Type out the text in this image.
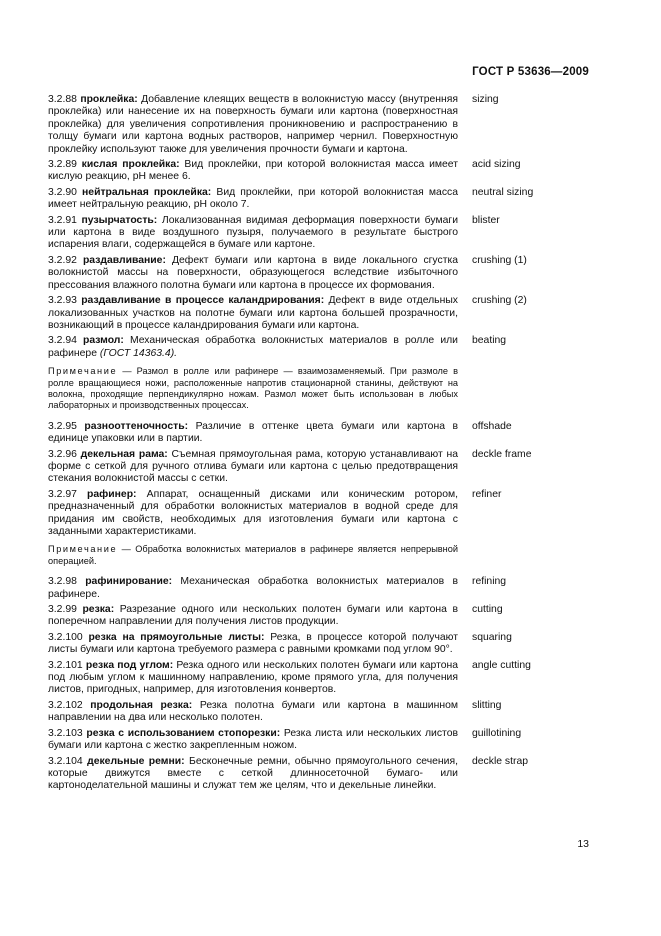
ГОСТ Р 53636—2009
3.2.88 проклейка: Добавление клеящих веществ в волокнистую массу (внутренняя проклейка) или нанесение их на поверхность бумаги или картона (поверхностная проклейка) для увеличения сопротивления проникновению и распространению в толщу бумаги или картона водных растворов, например чернил. Поверхностную проклейку используют также для увеличения прочности бумаги и картона.
sizing
3.2.89 кислая проклейка: Вид проклейки, при которой волокнистая масса имеет кислую реакцию, pH менее 6.
acid sizing
3.2.90 нейтральная проклейка: Вид проклейки, при которой волокнистая масса имеет нейтральную реакцию, pH около 7.
neutral sizing
3.2.91 пузырчатость: Локализованная видимая деформация поверхности бумаги или картона в виде воздушного пузыря, получаемого в результате быстрого испарения влаги, содержащейся в бумаге или картоне.
blister
3.2.92 раздавливание: Дефект бумаги или картона в виде локального сгустка волокнистой массы на поверхности, образующегося вследствие избыточного прессования влажного полотна бумаги или картона в процессе их формования.
crushing (1)
3.2.93 раздавливание в процессе каландрирования: Дефект в виде отдельных локализованных участков на полотне бумаги или картона большей прозрачности, возникающий в процессе каландрирования бумаги или картона.
crushing (2)
3.2.94 размол: Механическая обработка волокнистых материалов в ролле или рафинере (ГОСТ 14363.4).
beating
Примечание — Размол в ролле или рафинере — взаимозаменяемый. При размоле в ролле вращающиеся ножи, расположенные напротив стационарной станины, действуют на волокна, проходящие перпендикулярно ножам. Размол может быть использован в любых лабораторных и производственных процессах.
3.2.95 разнооттеночность: Различие в оттенке цвета бумаги или картона в единице упаковки или в партии.
offshade
3.2.96 декельная рама: Съемная прямоугольная рама, которую устанавливают на форме с сеткой для ручного отлива бумаги или картона с целью предотвращения стекания волокнистой массы с сетки.
deckle frame
3.2.97 рафинер: Аппарат, оснащенный дисками или коническим ротором, предназначенный для обработки волокнистых материалов в водной среде для придания им свойств, необходимых для изготовления бумаги или картона с заданными характеристиками.
refiner
Примечание — Обработка волокнистых материалов в рафинере является непрерывной операцией.
3.2.98 рафинирование: Механическая обработка волокнистых материалов в рафинере.
refining
3.2.99 резка: Разрезание одного или нескольких полотен бумаги или картона в поперечном направлении для получения листов продукции.
cutting
3.2.100 резка на прямоугольные листы: Резка, в процессе которой получают листы бумаги или картона требуемого размера с равными кромками под углом 90°.
squaring
3.2.101 резка под углом: Резка одного или нескольких полотен бумаги или картона под любым углом к машинному направлению, кроме прямого угла, для получения листов, пригодных, например, для изготовления конвертов.
angle cutting
3.2.102 продольная резка: Резка полотна бумаги или картона в машинном направлении на два или несколько полотен.
slitting
3.2.103 резка с использованием стопорезки: Резка листа или нескольких листов бумаги или картона с жестко закрепленным ножом.
guillotining
3.2.104 декельные ремни: Бесконечные ремни, обычно прямоугольного сечения, которые движутся вместе с сеткой длинносеточной бумаго- или картоноделательной машины и служат тем же целям, что и декельные линейки.
deckle strap
13
